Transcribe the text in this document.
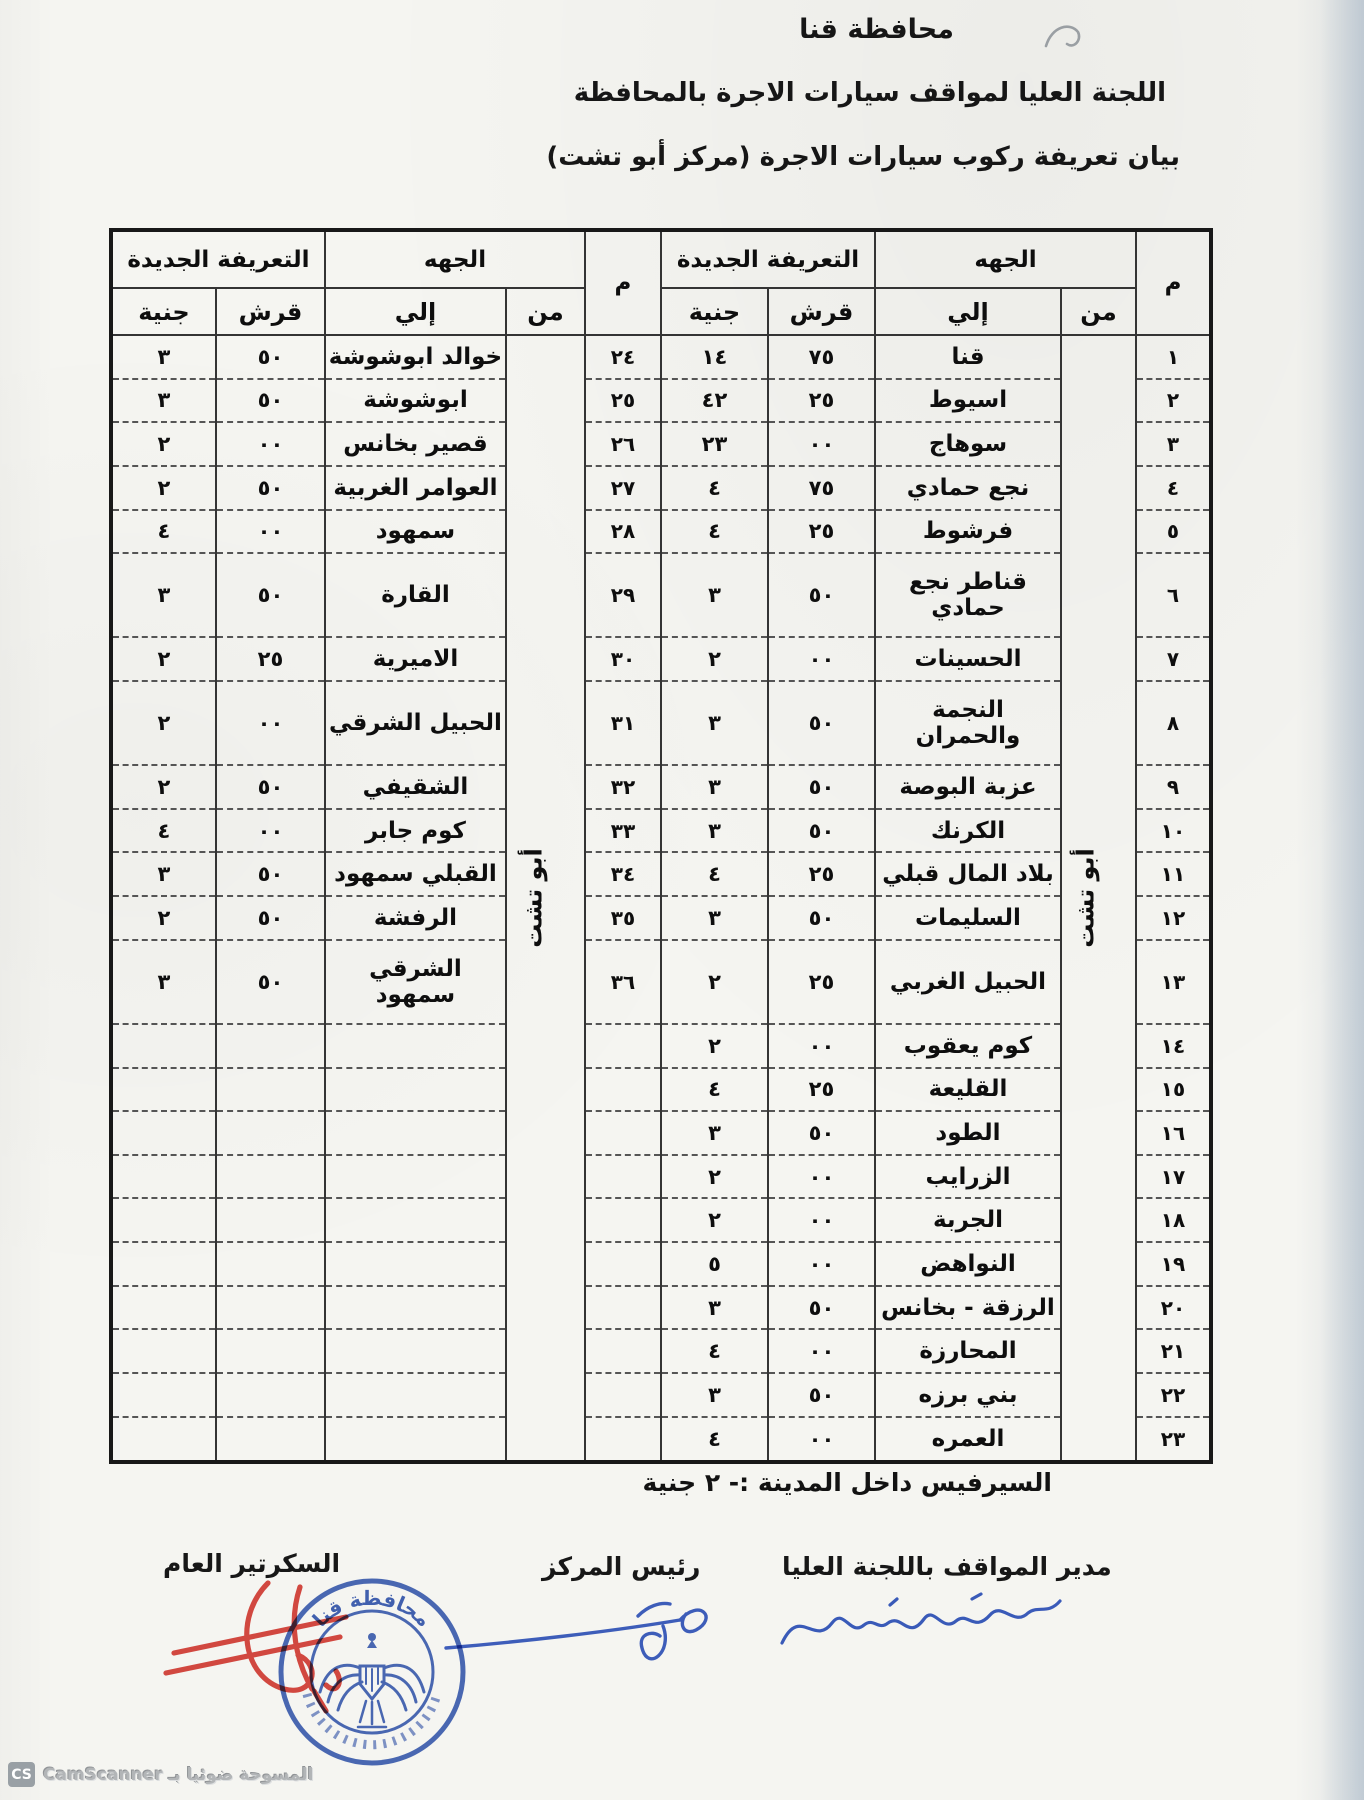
محافظة قنا
اللجنة العليا لمواقف سيارات الاجرة بالمحافظة
بيان تعريفة ركوب سيارات الاجرة (مركز أبو تشت)
م	الجهه		التعريفة الجديدة		م	الجهه		التعريفة الجديدة	
	من	إلي	قرش	جنية		من	إلي	قرش	جنية
١	أبو تشت	قنا	٧٥	١٤	٢٤	أبو تشت	خوالد ابوشوشة	٥٠	٣
٢		اسيوط	٢٥	٤٢	٢٥		ابوشوشة	٥٠	٣
٣		سوهاج	٠٠	٢٣	٢٦		قصير بخانس	٠٠	٢
٤		نجع حمادي	٧٥	٤	٢٧		العوامر الغربية	٥٠	٢
٥		فرشوط	٢٥	٤	٢٨		سمهود	٠٠	٤
٦		قناطر نجع حمادي	٥٠	٣	٢٩		القارة	٥٠	٣
٧		الحسينات	٠٠	٢	٣٠		الاميرية	٢٥	٢
٨		النجمة والحمران	٥٠	٣	٣١		الحبيل الشرقي	٠٠	٢
٩		عزبة البوصة	٥٠	٣	٣٢		الشقيفي	٥٠	٢
١٠		الكرنك	٥٠	٣	٣٣		كوم جابر	٠٠	٤
١١		بلاد المال قبلي	٢٥	٤	٣٤		القبلي سمهود	٥٠	٣
١٢		السليمات	٥٠	٣	٣٥		الرفشة	٥٠	٢
١٣		الحبيل الغربي	٢٥	٢	٣٦		الشرقي سمهود	٥٠	٣
١٤		كوم يعقوب	٠٠	٢					
١٥		القليعة	٢٥	٤					
١٦		الطود	٥٠	٣					
١٧		الزرايب	٠٠	٢					
١٨		الجربة	٠٠	٢					
١٩		النواهض	٠٠	٥					
٢٠		الرزقة - بخانس	٥٠	٣					
٢١		المحارزة	٠٠	٤					
٢٢		بني برزه	٥٠	٣					
٢٣		العمره	٠٠	٤					
السيرفيس داخل المدينة :- ٢ جنية
مدير المواقف باللجنة العليا
رئيس المركز
السكرتير العام
محافظة قنا
CS المسوحة ضوئيا بـ CamScanner
